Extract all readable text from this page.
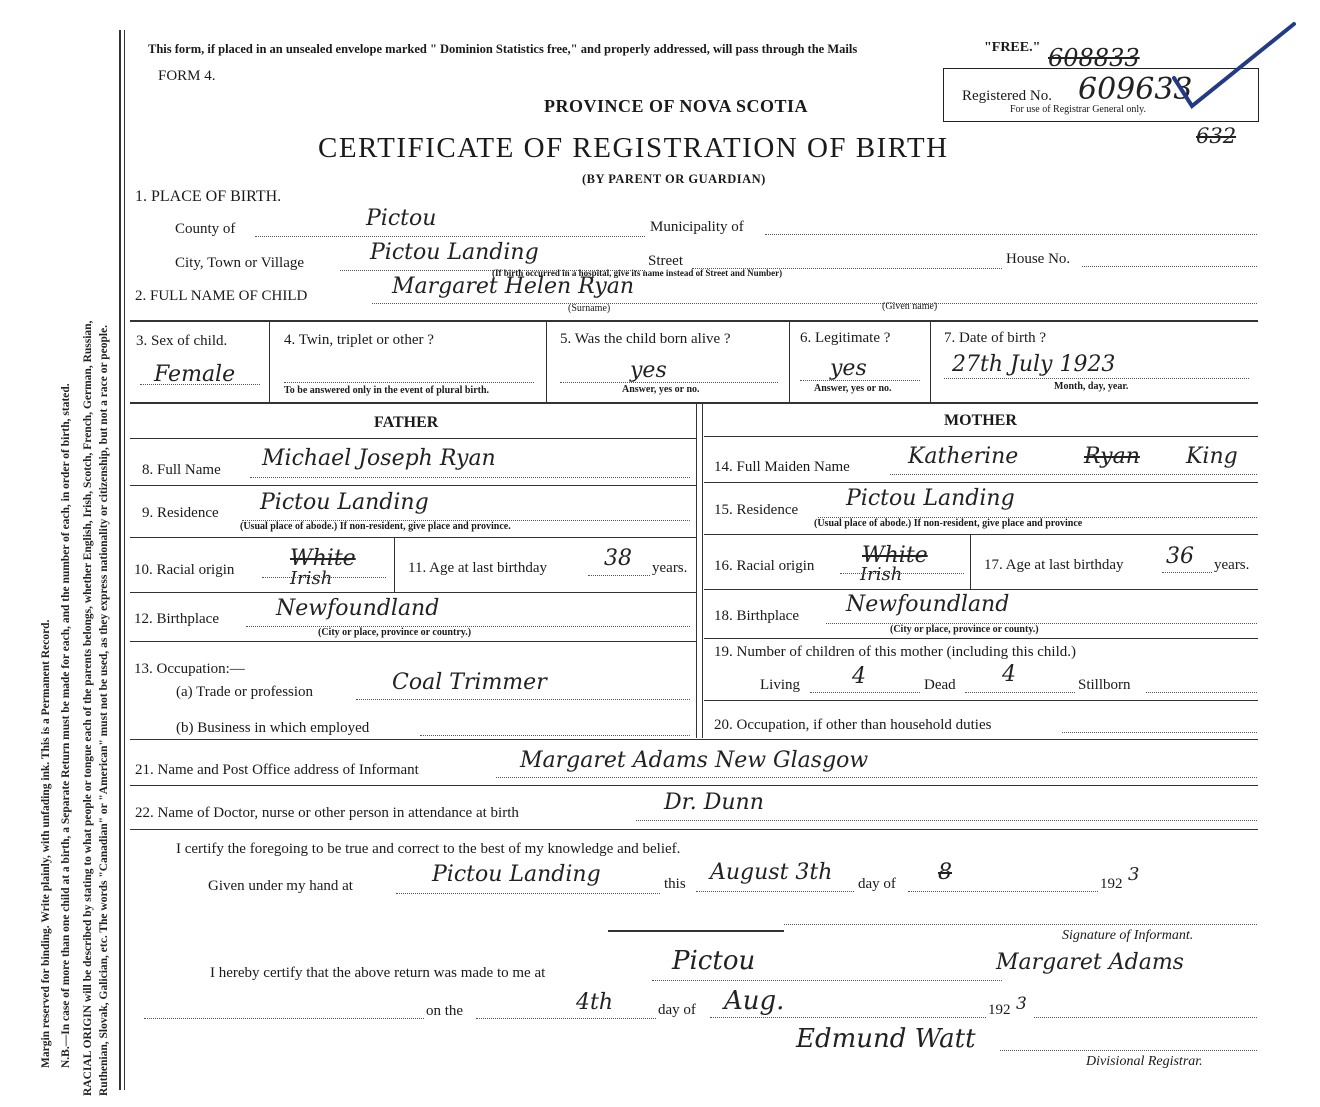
Margin reserved for binding. Write plainly, with unfading ink. This is a Permanent Record. N.B.—In case of more than one child at a birth, a Separate Return must be made for each, and the number of each, in order of birth, stated. RACIAL ORIGIN will be described by stating to what people or tongue each of the parents belongs, whether English, Irish, Scotch, French, German, Russian, Ruthenian, Slovak, Galician, etc. The words "Canadian" or "American" must not be used, as they express nationality or citizenship, but not a race or people.
This form, if placed in an unsealed envelope marked " Dominion Statistics free," and properly addressed, will pass through the Mails	"FREE." 608833
FORM 4.
PROVINCE OF NOVA SCOTIA	Registered No. 609633
For use of Registrar General only.
632
CERTIFICATE OF REGISTRATION OF BIRTH
(BY PARENT OR GUARDIAN)
1. PLACE OF BIRTH.
County of	Pictou	Municipality of
City, Town or Village	Pictou Landing	Street	House No.
(If birth occurred in a hospital, give its name instead of Street and Number)
2. FULL NAME OF CHILD	Margaret Helen Ryan
(Surname)	(Given name)
3. Sex of child.
Female
4. Twin, triplet or other ?
To be answered only in the event of plural birth.
5. Was the child born alive ?
yes
Answer, yes or no.
6. Legitimate ?
yes
Answer, yes or no.
7. Date of birth ?
27th July 1923
Month, day, year.
FATHER	MOTHER
8. Full Name Michael Joseph Ryan
9. Residence Pictou Landing
(Usual place of abode.) If non-resident, give place and province.
10. Racial origin	White
Irish	11. Age at last birthday	38 years.
12. Birthplace	Newfoundland
(City or place, province or country.)
13. Occupation:—
(a) Trade or profession	Coal Trimmer
(b) Business in which employed
14. Full Maiden Name	Katherine	Ryan King
15. Residence Pictou Landing
(Usual place of abode.) If non-resident, give place and province
16. Racial origin White
Irish	17. Age at last birthday 36 years.
18. Birthplace Newfoundland
(City or place, province or county.)
19. Number of children of this mother (including this child.)
Living 4	Dead 4	Stillborn
20. Occupation, if other than household duties
21. Name and Post Office address of Informant	Margaret Adams New Glasgow
22. Name of Doctor, nurse or other person in attendance at birth	Dr. Dunn
I certify the foregoing to be true and correct to the best of my knowledge and belief.
Given under my hand at	Pictou Landing	this August 3th day of 8	192 3
Signature of Informant.
Margaret Adams
I hereby certify that the above return was made to me at	Pictou
on the	4th	day of Aug.	192 3
Edmund Watt
Divisional Registrar.
